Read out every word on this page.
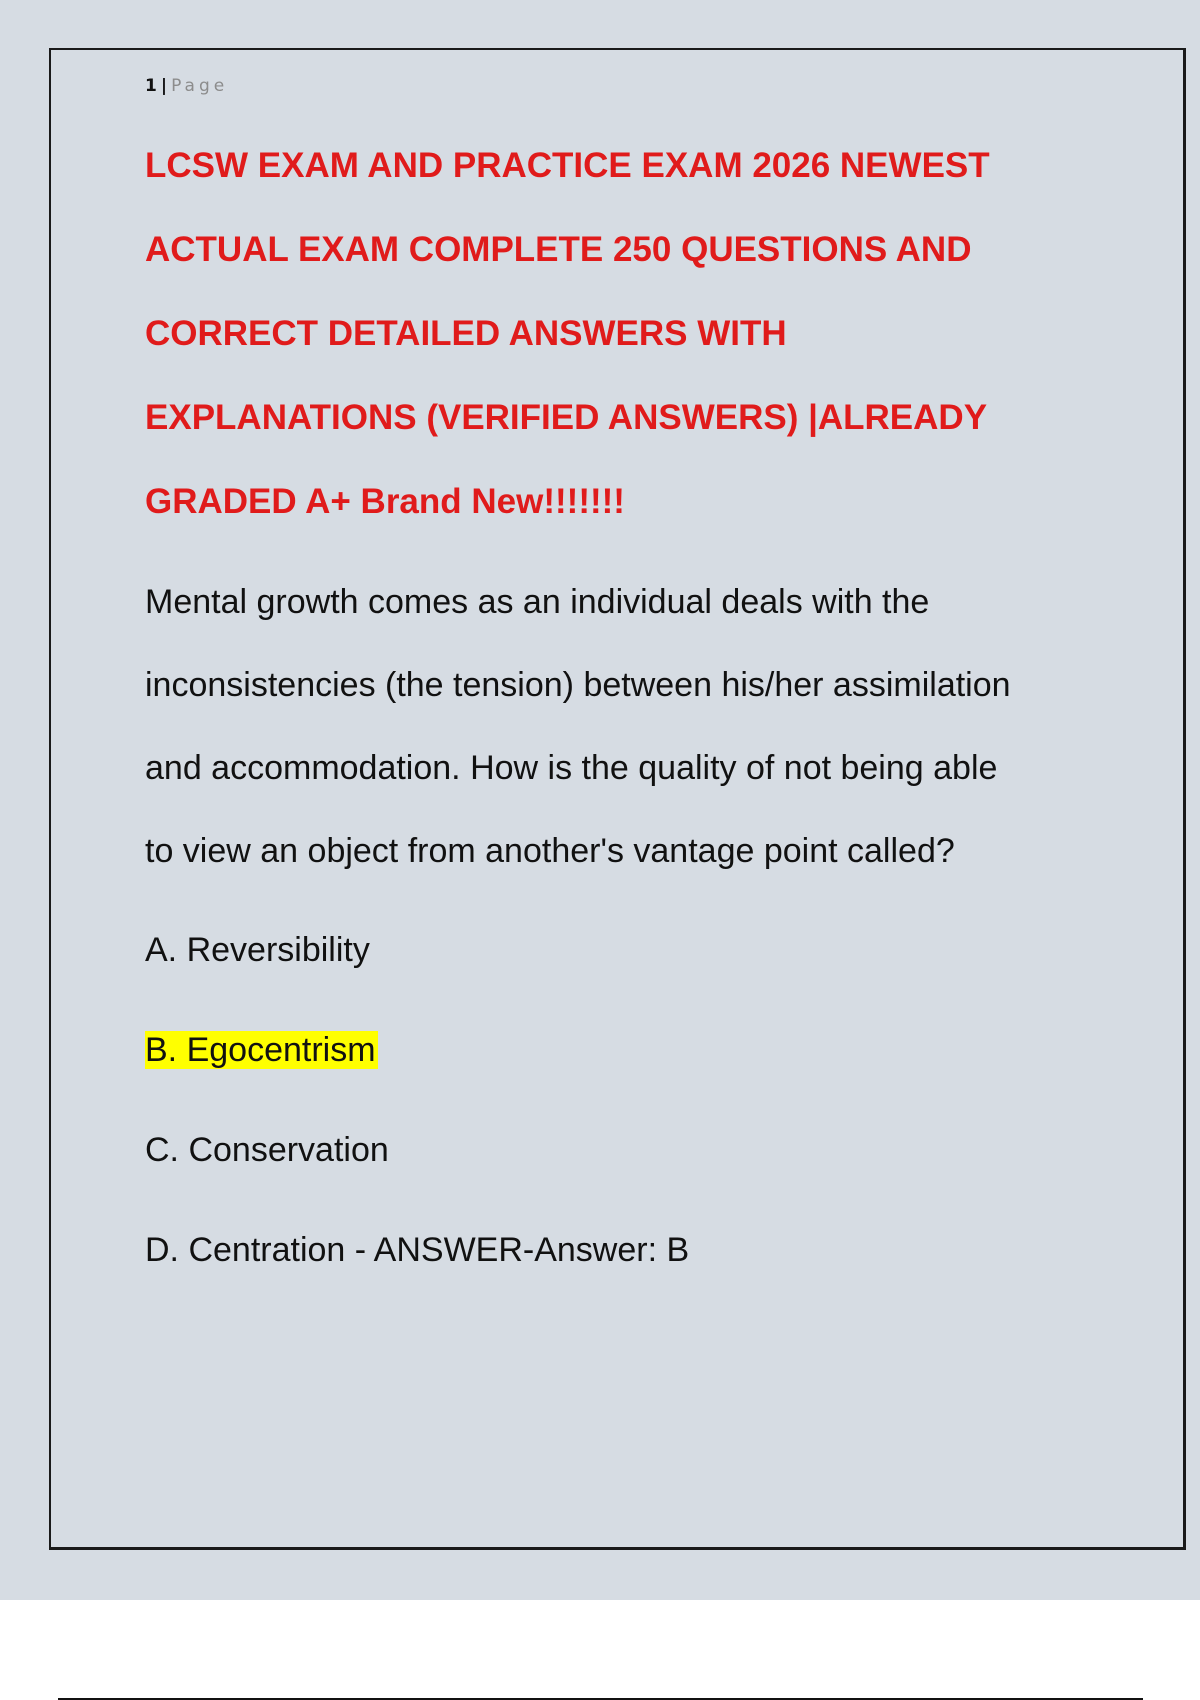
1 | Page
LCSW EXAM AND PRACTICE EXAM 2026 NEWEST
ACTUAL EXAM COMPLETE 250 QUESTIONS AND
CORRECT DETAILED ANSWERS WITH
EXPLANATIONS (VERIFIED ANSWERS) |ALREADY
GRADED A+ Brand New!!!!!!!

Mental growth comes as an individual deals with the
inconsistencies (the tension) between his/her assimilation
and accommodation. How is the quality of not being able
to view an object from another's vantage point called?

A. Reversibility
B. Egocentrism
C. Conservation
D. Centration - ANSWER-Answer: B
